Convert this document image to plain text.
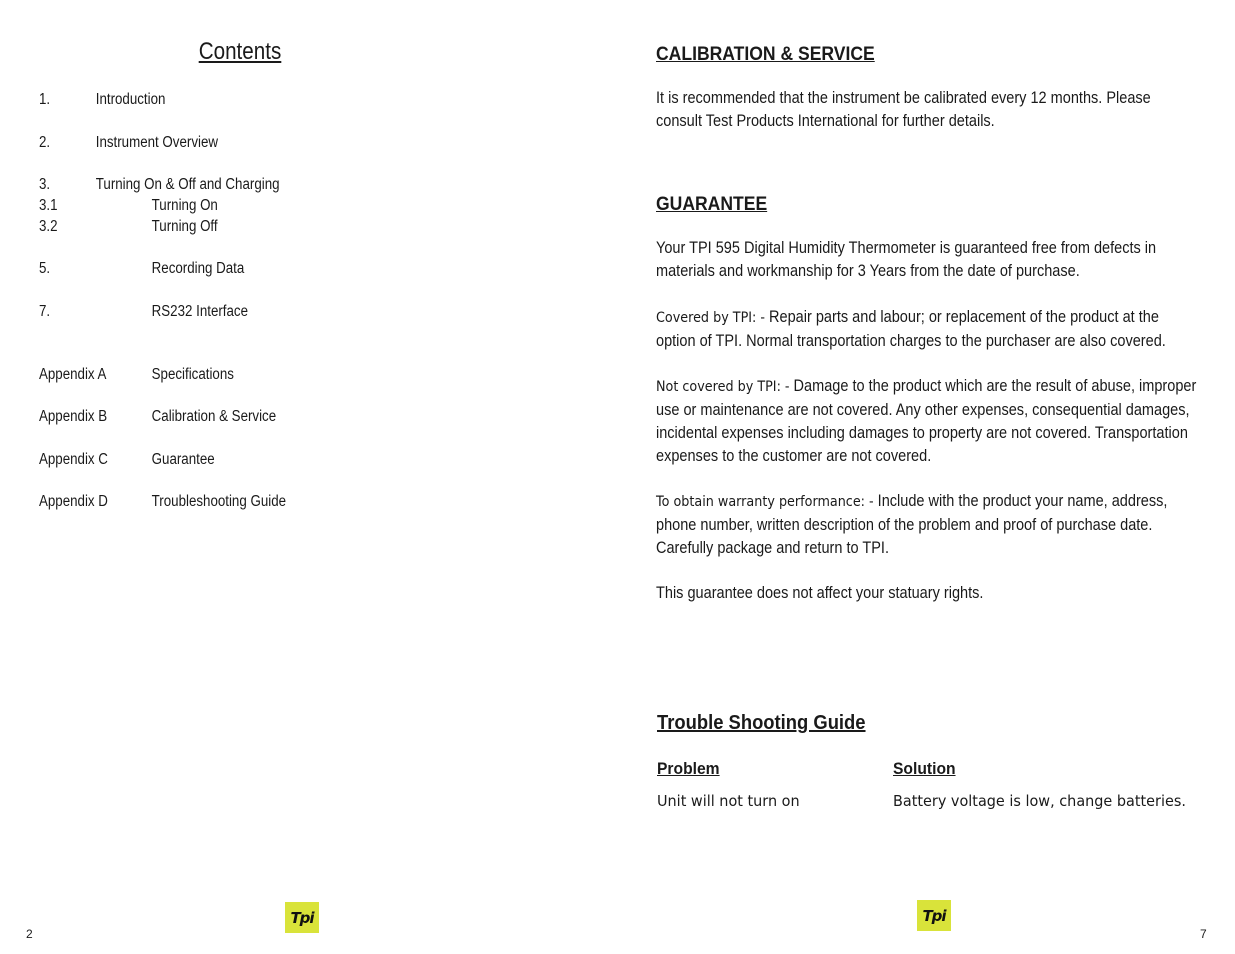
Contents
1.	Introduction
2.	Instrument Overview
3.	Turning On & Off and Charging
3.1	Turning On
3.2	Turning Off
5.	Recording Data
7.	RS232 Interface
Appendix A	Specifications
Appendix B	Calibration & Service
Appendix C	Guarantee
Appendix D	Troubleshooting Guide
2
Tpi
CALIBRATION & SERVICE
It is recommended that the instrument be calibrated every 12 months. Please consult Test Products International for further details.
GUARANTEE
Your TPI 595 Digital Humidity Thermometer is guaranteed free from defects in materials and workmanship for 3 Years from the date of purchase.
Covered by TPI: - Repair parts and labour; or replacement of the product at the option of TPI. Normal transportation charges to the purchaser are also covered.
Not covered by TPI: - Damage to the product which are the result of abuse, improper use or maintenance are not covered. Any other expenses, consequential damages, incidental expenses including damages to property are not covered. Transportation expenses to the customer are not covered.
To obtain warranty performance: - Include with the product your name, address, phone number, written description of the problem and proof of purchase date. Carefully package and return to TPI.
This guarantee does not affect your statuary rights.
Trouble Shooting Guide
Problem	Solution
Unit will not turn on	Battery voltage is low, change batteries.
Tpi
7
